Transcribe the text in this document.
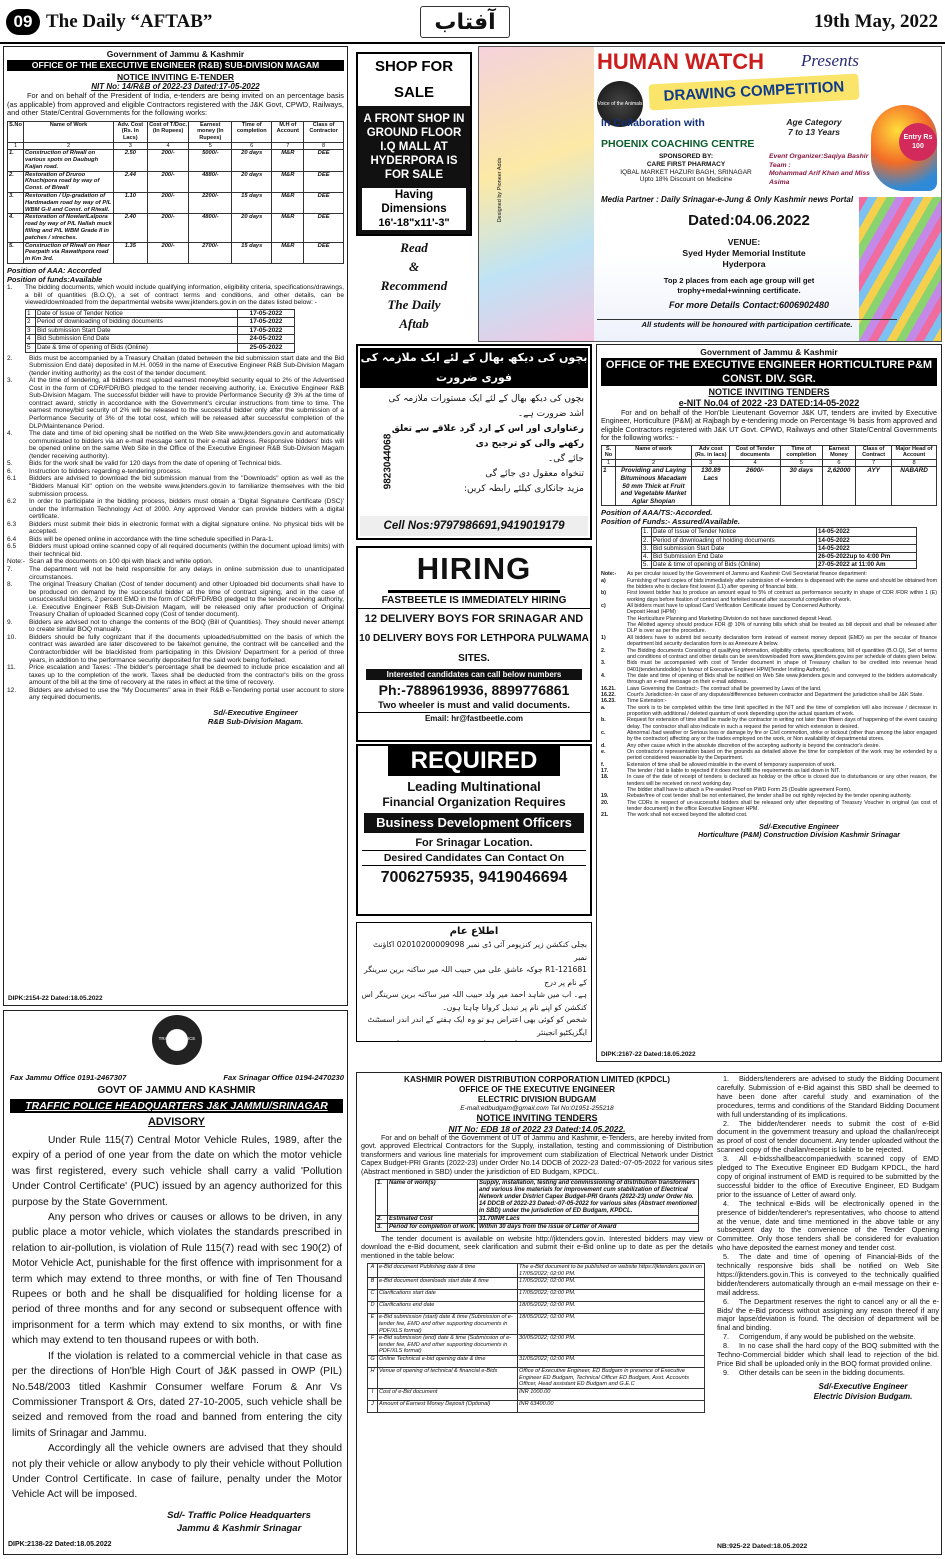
09 The Daily “AFTAB”	آفتاب	19th May, 2022
Government of Jammu & Kashmir
OFFICE OF THE EXECUTIVE ENGINEER (R&B) SUB-DIVISION MAGAM
NOTICE INVITING E-TENDER
NIT No: 14/R&B of 2022-23 Dated:17-05-2022
For and on behalf of the President of India, e-tenders are being invited on an percentage basis (as applicable) from approved and eligible Contractors registered with the J&K Govt, CPWD, Railways, and other State/Central Governments for the following works:
S.No	Name of Work	Adv. Cost (Rs. In Lacs)	Cost of T/Doc. (In Rupees)	Earnest money (In Rupees)	Time of completion	M.H of Account	Class of Contractor
1	2	3	4	5	6	7	8
1.	Construction of R/wall on various spots on Daubugh Kaijan road.	2.50	200/-	5000/-	20 days	M&R	DEE
2.	Restoration of Druroo Khuchipora road by way of Const. of B/wall	2.44	200/-	4880/-	20 days	M&R	DEE
3.	Restoration / Up-gradation of Hardmadam road by way of P/L WBM G-II and Const. of R/wall.	1.10	200/-	2200/-	15 days	M&R	DEE
4.	Restoration of NowlariLalpora road by way of P/L Nallah muck filling and P/L WBM Grade II in patches / streches.	2.40	200/-	4800/-	20 days	M&R	DEE
5.	Construction of R/wall on Heer Peerpath via Rawathpora road in Km 3rd.	1.35	200/-	2700/-	15 days	M&R	DEE
Position of AAA: Accorded
Position of funds:Available
1.	The bidding documents, which would include qualifying information, eligibility criteria, specifications/drawings, a bill of quantities (B.O.Q), a set of contract terms and conditions, and other details, can be viewed/downloaded from the departmental website www.jktenders.gov.in on the dates listed below: -
1	Date of Issue of Tender Notice	17-05-2022
2	Period of downloading of bidding documents	17-05-2022
3	Bid submission Start Date	17-05-2022
4	Bid Submission End Date	24-05-2022
5	Date & time of opening of Bids (Online)	25-05-2022
2.	Bids must be accompanied by a Treasury Challan (dated between the bid submission start date and the Bid Submission End date) deposited in M.H. 0059 in the name of Executive Engineer R&B Sub-Division Magam (tender inviting authority) as the cost of the tender document.
3.	At the time of tendering, all bidders must upload earnest money/bid security equal to 2% of the Advertised Cost in the form of CDR/FDR/BG pledged to the tender receiving authority, i.e. Executive Engineer R&B Sub-Division Magam. The successful bidder will have to provide Performance Security @ 3% at the time of contract award, strictly in accordance with the Government's circular instructions from time to time. The earnest money/bid security of 2% will be released to the successful bidder only after the submission of a Performance Security of 3% of the total cost, which will be released after successful completion of the DLP/Maintenance Period.
4.	The date and time of bid opening shall be notified on the Web Site www.jktenders.gov.in and automatically communicated to bidders via an e-mail message sent to their e-mail address. Responsive bidders' bids will be opened online on the same Web Site in the Office of the Executive Engineer R&B Sub-Division Magam (tender receiving authority).
5.	Bids for the work shall be valid for 120 days from the date of opening of Technical bids.
6.	Instruction to bidders regarding e-tendering process.
6.1	Bidders are advised to download the bid submission manual from the "Downloads" option as well as the "Bidders Manual Kit" option on the website www.jktenders.gov.in to familiarize themselves with the bid submission process.
6.2	In order to participate in the bidding process, bidders must obtain a 'Digital Signature Certificate (DSC)' under the Information Technology Act of 2000. Any approved Vendor can provide bidders with a digital certificate.
6.3	Bidders must submit their bids in electronic format with a digital signature online. No physical bids will be accepted.
6.4	Bids will be opened online in accordance with the time schedule specified in Para-1.
6.5	Bidders must upload online scanned copy of all required documents (within the document upload limits) with their technical bid.
Note:- Scan all the documents on 100 dpi with black and white option.
7.	The department will not be held responsible for any delays in online submission due to unanticipated circumstances.
8.	The original Treasury Challan (Cost of tender document) and other Uploaded bid documents shall have to be produced on demand by the successful bidder at the time of contract signing, and in the case of unsuccessful bidders, 2 percent EMD in the form of CDR/FDR/BG pledged to the tender receiving authority, i.e. Executive Engineer R&B Sub-Division Magam, will be released only after production of Original Treasury Challan of uploaded Scanned copy (Cost of tender document).
9.	Bidders are advised not to change the contents of the BOQ (Bill of Quantities). They should never attempt to create similar BOQ manually.
10.	Bidders should be fully cognizant that if the documents uploaded/submitted on the basis of which the contract was awarded are later discovered to be fake/not genuine, the contract will be cancelled and the Contractor/bidder will be blacklisted from participating in this Division/ Department for a period of three years, in addition to the performance security deposited for the said work being forfeited.
11.	Price escalation and Taxes: -The bidder's percentage shall be deemed to include price escalation and all taxes up to the completion of the work. Taxes shall be deducted from the contractor's bills on the gross amount of the bill at the time of recovery at the rates in effect at the time of recovery.
12.	Bidders are advised to use the "My Documents" area in their R&B e-Tendering portal user account to store any required documents.
Sd/-Executive Engineer
R&B Sub-Division Magam.
DIPK:2154-22 Dated:18.05.2022
SHOP FOR SALE
A FRONT SHOP IN GROUND FLOOR I.Q MALL AT HYDERPORA IS FOR SALE
Having Dimensions
16'-18"x11'-3"
Read
&
Recommend
The Daily
Aftab
Voice of the Animals
HUMAN WATCH	Presents
DRAWING COMPETITION
In Collaboration with
PHOENIX COACHING CENTRE
SPONSORED BY:
CARE FIRST PHARMACY
IQBAL MARKET HAZURI BAGH, SRINAGAR
Upto 18% Discount on Medicine
Age Category
7 to 13 Years
Entry Rs 100
Event Organizer:Saqiya Bashir
Team :
Mohammad Arif Khan and Miss Asima
Media Partner : Daily Srinagar-e-Jung & Only Kashmir news Portal
Dated:04.06.2022
VENUE:
Syed Hyder Memorial Institute
Hyderpora
Top 2 places from each age group will get
trophy+medal+winning certificate.
For more Details Contact:6006902480
All students will be honoured with participation certificate.
Designed by Pioneer Adds
بچوں کی دیکھ بھال کے لئے ایک ملازمہ کی فوری ضرورت
بچوں کی دیکھ بھال کے لئے ایک مستورات ملازمہ کی اشد ضرورت ہے۔
رعناواری اور اس کے ارد گرد علاقے سے تعلق رکھنے والی کو ترجیح دی
جائے گی۔
تنخواہ معقول دی جائے گی
مزید جانکاری کیلئے رابطہ کریں:
9823044068
Cell Nos:9797986691,9419019179
HIRING
FASTBEETLE IS IMMEDIATELY HIRING
12 DELIVERY BOYS FOR SRINAGAR AND
10 DELIVERY BOYS FOR LETHPORA PULWAMA SITES.
Interested candidates can call below numbers
Ph:-7889619936, 8899776861
Two wheeler is must and valid documents.
Email: hr@fastbeetle.com
REQUIRED
Leading Multinational
Financial Organization Requires
Business Development Officers
For Srinagar Location.
Desired Candidates Can Contact On
7006275935, 9419046694
اطلاع عام
بجلی کنکشن زیر کنزیومر آئی ڈی نمبر 02010200009098 اکاؤنٹ نمبر
121681-R1 جوکہ عاشق علی میں حبیب اللہ میر ساکنہ برین سرینگر کے نام پر درج
ہے۔ اب میں شاہد احمد میر ولد حبیب اللہ میر ساکنہ برین سرینگر اس کنکشن کو اپنے نام پر تبدیل کروانا چاہتا ہوں۔
شخص کو کوئی بھی اعتراض ہو تو وہ ایک ہفتے کے اندر اندر اسسٹنٹ ایگزیکٹیو انجینئر
Government of Jammu & Kashmir
OFFICE OF THE EXECUTIVE ENGINEER HORTICULTURE P&M CONST. DIV. SGR.
NOTICE INVITING TENDERS
e-NIT No.04 of 2022 -23 DATED:14-05-2022
For and on behalf of the Hon'ble Lieutenant Governor J&K UT, tenders are invited by Executive Engineer, Horticulture (P&M) at Rajbagh by e-tendering mode on Percentage % basis from approved and eligible Contractors registered with J&K UT Govt. CPWD, Railways and other State/Central Governments for the following works: -
S. No	Name of work	Adv cost (Rs. in lacs)	Cost of Tender documents	Time of completion	Earnest Money	Class of Contract	Major Head of Account
1	2	3	4	5	6	7	8
1	Providing and Laying Bituminous Macadam 50 mm Thick at Fruit and Vegetable Market Aglar Shopian	130.89 Lacs	2600/-	30 days	2,62000	AYY	NABARD
Position of AAA/TS:-Accorded.
Position of Funds:- Assured/Available.
1.	Date of Issue of Tender Notice	14-05-2022
2.	Period of downloading of holding documents	14-05-2022
3.	Bid submission Start Date	14-05-2022
4.	Bid Submission End Date	26-05-2022up to 4:00 Pm
5.	Date & time of opening of Bids (Online)	27-05-2022 at 11:00 Am
Note:-	As per circular issued by the Government of Jammu and Kashmir Civil Secretariat finance department:
a)	Furnishing of hard copies of bids immediately after submission of e-tenders is dispensed with the same and should be obtained from the bidders who is declare first lowest (L1) after opening of financial bids.
b)	First lowest bidder has to produce an amount equal to 5% of contract as performance security in shape of CDR /FDR within 1 (E) working days before fixation of contract and forfeited sound after successful completion of work.
c)	All bidders must have to upload Card Verification Certificate issued by Concerned Authority.
Deposit Head (HPM)
The Horticulture Planning and Marketing Division do not have sanctioned deposit Head.
The Allotted agency should produce FDR @ 10% of running bills which shall be treated as bill deposit and shall be released after DLP is over as per the procedure.
1)	All bidders have to submit bid security declaration form instead of earnest money deposit (EMD) as per the secular of finance department bid security declaration form is as Annexure A below.
2.	The Bidding documents Consisting of qualifying information, eligibility criteria, specifications, bill of quantities (B.O.Q), Set of terms and conditions of contract and other details can be seen/downloaded from www.jktenders.gov.ins per schedule of dates given below.
3.	Bids must be accompanied with cost of Tender document in shape of Treasury challan to be credited into revenue head 0401(tender/undodide) in favour of Executive Engineer HPM(Tender Inviting Authority).
4.	The date and time of opening of Bids shall be notified on Web Site www.jktenders.gov.in and conveyed to the bidders automatically through an e-mail message on their e-mail address.
16.21.	Laws Governing the Contract:- The contract shall be governed by Laws of the land.
16.22.	Court's Jurisdiction:-In case of any disputes/differences between contractor and Department the jurisdiction shall be J&K State.
16.23.	Time Extension:-
a.	The work is to be completed within the time limit specified in the NIT and the time of completion will also increase / decrease in proportion with additional / deleted quantum of work depending upon the actual quantum of work.
b.	Request for extension of time shall be made by the contractor in writing not later than fifteen days of happening of the event causing delay. The contractor shall also indicate in such a request the period for which extension is desired.
c.	Abnormal /bad weather or Serious loss or damage by fire or Civil commotion, strike or lockout (other than among the labor engaged by the contractor) affecting any or the trades employed on the work, or Non availability of departmental stores.
d.	Any other cause which in the absolute discretion of the accepting authority is beyond the contractor's desire.
e.	On contractor's representation based on the grounds as detailed above the time for completion of the work may be extended by a period considered reasonable by the Department.
f.	Extension of time shall be allowed missible in the event of temporary suspension of work.
17.	The tender / bid is liable to rejected if it does not fulfill the requirements as laid down in NIT.
18.	In case of the date of receipt of tenders is declared as holiday or the office is closed due to disturbances or any other reason, the tenders will be received on next working day.
The bidder shall have to attach a Pre-sealed Proof on PWD Form 25 (Double agreement Form).
19.	Rebate/free of cost tender shall be not entertained, the tender shall be out rightly rejected by the tender opening authority.
20.	The CDRs in respect of un-successful bidders shall be released only after depositing of Treasury Voucher in original (as cost of tender document) in the office Executive Engineer HPM.
21.	The work shall not exceed beyond the allotted cost.
Sd/-Executive Engineer
Horticulture (P&M) Construction Division Kashmir Srinagar
DIPK:2167-22 Dated:18.05.2022
TRAFFIC POLICE
Fax Jammu Office 0191-2467307	Fax Srinagar Office 0194-2470230
GOVT OF JAMMU AND KASHMIR
TRAFFIC POLICE HEADQUARTERS J&K JAMMU/SRINAGAR
ADVISORY

Under Rule 115(7) Central Motor Vehicle Rules, 1989, after the expiry of a period of one year from the date on which the motor vehicle was first registered, every such vehicle shall carry a valid 'Pollution Under Control Certificate' (PUC) issued by an agency authorized for this purpose by the State Government.

Any person who drives or causes or allows to be driven, in any public place a motor vehicle, which violates the standards prescribed in relation to air-pollution, is violation of Rule 115(7) read with sec 190(2) of Motor Vehicle Act, punishable for the first offence with imprisonment for a term which may extend to three months, or with fine of Ten Thousand Rupees or both and he shall be disqualified for holding license for a period of three months and for any second or subsequent offence with imprisonment for a term which may extend to six months, or with fine which may extend to ten thousand rupees or with both.

If the violation is related to a commercial vehicle in that case as per the directions of Hon'ble High Court of J&K passed in OWP (PIL) No.548/2003 titled Kashmir Consumer welfare Forum & Anr Vs Commissioner Transport & Ors, dated 27-10-2005, such vehicle shall be seized and removed from the road and banned from entering the city limits of Srinagar and Jammu.

Accordingly all the vehicle owners are advised that they should not ply their vehicle or allow anybody to ply their vehicle without Pollution Under Control Certificate. In case of failure, penalty under the Motor Vehicle Act will be imposed.

Sd/- Traffic Police Headquarters
Jammu & Kashmir Srinagar
DIPK:2138-22 Dated:18.05.2022
KASHMIR POWER DISTRIBUTION CORPORATION LIMITED (KPDCL)
OFFICE OF THE EXECUTIVE ENGINEER
ELECTRIC DIVISION BUDGAM
E-mail:edbudgam@gmail.com Tel No:01951-255218
NOTICE INVITING TENDERS
NIT No: EDB 18 of 2022 23 Dated:14.05.2022.
For and on behalf of the Government of UT of Jammu and Kashmir, e-Tenders, are hereby invited from govt. approved Electrical Contractors for the Supply, installation, testing and commissioning of Distribution transformers and various line materials for improvement cum stabilization of Electrical Network under District Capex Budget-PRI Grants (2022-23) under Order No.14 DDCB of 2022-23 Dated:-07-05-2022 for various sites (Abstract mentioned in SBD) under the jurisdiction of ED Budgam, KPDCL.
1.	Name of work(s)	Supply, installation, testing and commissioning of distribution transformers and various line materials for improvement cum stabilization of Electrical Network under District Capex Budget-PRI Grants (2022-23) under Order No. 14 DDCB of 2022-23 Dated:-07-05-2022 for various sites (Abstract mentioned in SBD) under the jurisdiction of ED Budgam, KPDCL.
2.	Estimated Cost	31.70INR Lacs
3.	Period for completion of work.	Within 30 days from the issue of Letter of Award
The tender document is available on website http://jktenders.gov.in. Interested bidders may view or download the e-Bid document, seek clarification and submit their e-Bid online up to date as per the details mentioned in the table below:
A	e-Bid document Publishing date & time	The e-Bid document to be published on website https://jktenders.gov.in on 17/05/2022; 02:00 PM.
B	e-Bid document downloads start date & time	17/05/2022; 02:00 PM.
C	Clarifications start date	17/05/2022; 02:00 PM.
D	Clarifications end date	18/05/2022; 02:00 PM.
E	e-Bid submission (start) date & time (Submission of e-tender fee, EMD and other supporting documents in PDF/XLS format)	18/05/2022; 02:00 PM.
F	e-Bid submission (end) date & time (Submission of e-tender fee, EMD and other supporting documents in PDF/XLS format)	30/05/2022; 02:00 PM.
G	Online Technical e-bid opening date & time	31/05/2022; 02:00 PM.
H	Venue of opening of technical & financial e-Bids	Office of Executive Engineer, ED Budgam in presence of Executive Engineer ED Budgam, Technical Officer ED Budgam, Asst. Accounts Officer, Head assistant ED Budgam and G.E.C
I	Cost of e-Bid document	INR 1000.00
J	Amount of Earnest Money Deposit (Optional)	INR 63400.00
1. Bidders/tenderers are advised to study the Bidding Document carefully. Submission of e-Bid against this SBD shall be deemed to have been done after careful study and examination of the procedures, terms and conditions of the Standard Bidding Document with full understanding of its implications.
2. The bidder/tenderer needs to submit the cost of e-Bid document in the government treasury and upload the challan/receipt as proof of cost of tender document. Any tender uploaded without the scanned copy of the challan/receipt is liable to be rejected.
3. All e-bidsshallbeaccompaniedwith scanned copy of EMD pledged to The Executive Engineer ED Budgam KPDCL, the hard copy of original instrument of EMD is required to be submitted by the successful bidder to the office of Executive Engineer, ED Budgam prior to the issuance of Letter of award only.
4. The technical e-Bids will be electronically opened in the presence of bidder/tenderer's representatives, who choose to attend at the venue, date and time mentioned in the above table or any subsequent day to the convenience of the Tender Opening Committee. Only those tenders shall be considered for evaluation who have deposited the earnest money and tender cost.
5. The date and time of opening of Financial-Bids of the technically responsive bids shall be notified on Web Site https://jktenders.gov.in.This is conveyed to the technically qualified bidder/tenderers automatically through an e-mail message on their e-mail address.
6. The Department reserves the right to cancel any or all the e-Bids/ the e-Bid process without assigning any reason thereof if any major lapse/deviation is found. The decision of department will be final and binding.
7. Corrigendum, if any would be published on the website.
8. In no case shall the hard copy of the BOQ submitted with the Techno-Commercial bidder which shall lead to rejection of the bid. Price Bid shall be uploaded only in the BOQ format provided online.
9. Other details can be seen in the bidding documents.
Sd/-Executive Engineer
Electric Division Budgam.
NB:925-22 Dated:18.05.2022
